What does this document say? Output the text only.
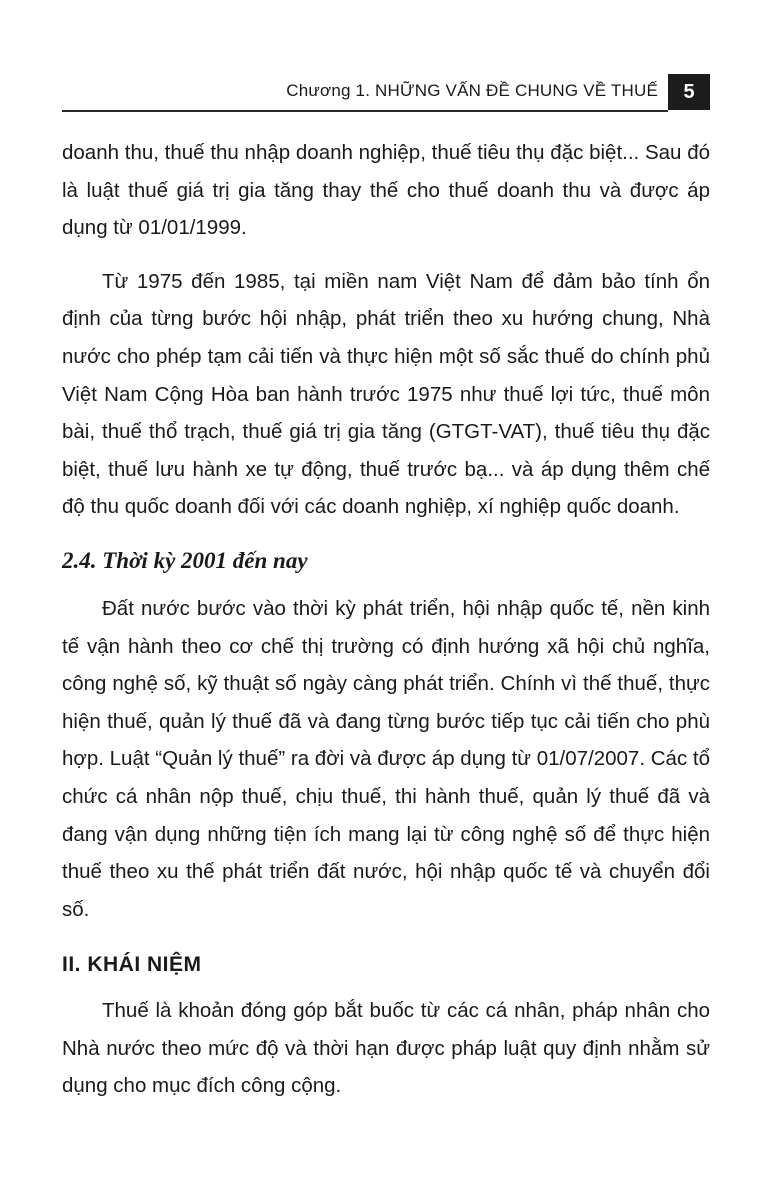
Chương 1. NHỮNG VẤN ĐỀ CHUNG VỀ THUẾ	5

doanh thu, thuế thu nhập doanh nghiệp, thuế tiêu thụ đặc biệt... Sau đó là luật thuế giá trị gia tăng thay thế cho thuế doanh thu và được áp dụng từ 01/01/1999.

Từ 1975 đến 1985, tại miền nam Việt Nam để đảm bảo tính ổn định của từng bước hội nhập, phát triển theo xu hướng chung, Nhà nước cho phép tạm cải tiến và thực hiện một số sắc thuế do chính phủ Việt Nam Cộng Hòa ban hành trước 1975 như thuế lợi tức, thuế môn bài, thuế thổ trạch, thuế giá trị gia tăng (GTGT-VAT), thuế tiêu thụ đặc biệt, thuế lưu hành xe tự động, thuế trước bạ... và áp dụng thêm chế độ thu quốc doanh đối với các doanh nghiệp, xí nghiệp quốc doanh.

2.4. Thời kỳ 2001 đến nay

Đất nước bước vào thời kỳ phát triển, hội nhập quốc tế, nền kinh tế vận hành theo cơ chế thị trường có định hướng xã hội chủ nghĩa, công nghệ số, kỹ thuật số ngày càng phát triển. Chính vì thế thuế, thực hiện thuế, quản lý thuế đã và đang từng bước tiếp tục cải tiến cho phù hợp. Luật “Quản lý thuế” ra đời và được áp dụng từ 01/07/2007. Các tổ chức cá nhân nộp thuế, chịu thuế, thi hành thuế, quản lý thuế đã và đang vận dụng những tiện ích mang lại từ công nghệ số để thực hiện thuế theo xu thế phát triển đất nước, hội nhập quốc tế và chuyển đổi số.

II. KHÁI NIỆM

Thuế là khoản đóng góp bắt buốc từ các cá nhân, pháp nhân cho Nhà nước theo mức độ và thời hạn được pháp luật quy định nhằm sử dụng cho mục đích công cộng.
